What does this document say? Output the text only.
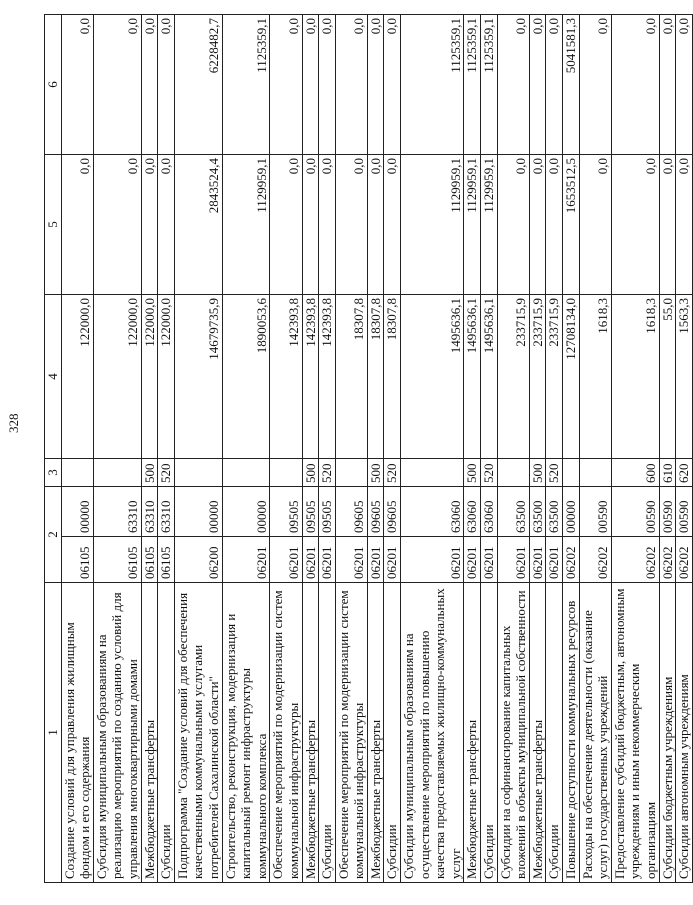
328
1	2		3	4	5	6
Создание условий для управления жилищным фондом и его содержания	06105	00000		122000,0	0,0	0,0
Субсидия муниципальным образованиям на реализацию мероприятий по созданию условий для управления многоквартирными домами	06105	63310		122000,0	0,0	0,0
Межбюджетные трансферты	06105	63310	500	122000,0	0,0	0,0
Субсидии	06105	63310	520	122000,0	0,0	0,0
Подпрограмма "Создание условий для обеспечения качественными коммунальными услугами потребителей Сахалинской области"	06200	00000		14679735,9	2843524,4	6228482,7
Строительство, реконструкция, модернизация и капитальный ремонт инфраструктуры коммунального комплекса	06201	00000		1890053,6	1129959,1	1125359,1
Обеспечение мероприятий по модернизации систем коммунальной инфраструктуры	06201	09505		142393,8	0,0	0,0
Межбюджетные трансферты	06201	09505	500	142393,8	0,0	0,0
Субсидии	06201	09505	520	142393,8	0,0	0,0
Обеспечение мероприятий по модернизации систем коммунальной инфраструктуры	06201	09605		18307,8	0,0	0,0
Межбюджетные трансферты	06201	09605	500	18307,8	0,0	0,0
Субсидии	06201	09605	520	18307,8	0,0	0,0
Субсидии муниципальным образованиям на осуществление мероприятий по повышению качества предоставляемых жилищно-коммунальных услуг	06201	63060		1495636,1	1129959,1	1125359,1
Межбюджетные трансферты	06201	63060	500	1495636,1	1129959,1	1125359,1
Субсидии	06201	63060	520	1495636,1	1129959,1	1125359,1
Субсидии на софинансирование капитальных вложений в объекты муниципальной собственности	06201	63500		233715,9	0,0	0,0
Межбюджетные трансферты	06201	63500	500	233715,9	0,0	0,0
Субсидии	06201	63500	520	233715,9	0,0	0,0
Повышение доступности коммунальных ресурсов	06202	00000		12708134,0	1653512,5	5041581,3
Расходы на обеспечение деятельности (оказание услуг) государственных учреждений	06202	00590		1618,3	0,0	0,0
Предоставление субсидий бюджетным, автономным учреждениям и иным некоммерческим организациям	06202	00590	600	1618,3	0,0	0,0
Субсидии бюджетным учреждениям	06202	00590	610	55,0	0,0	0,0
Субсидии автономным учреждениям	06202	00590	620	1563,3	0,0	0,0
